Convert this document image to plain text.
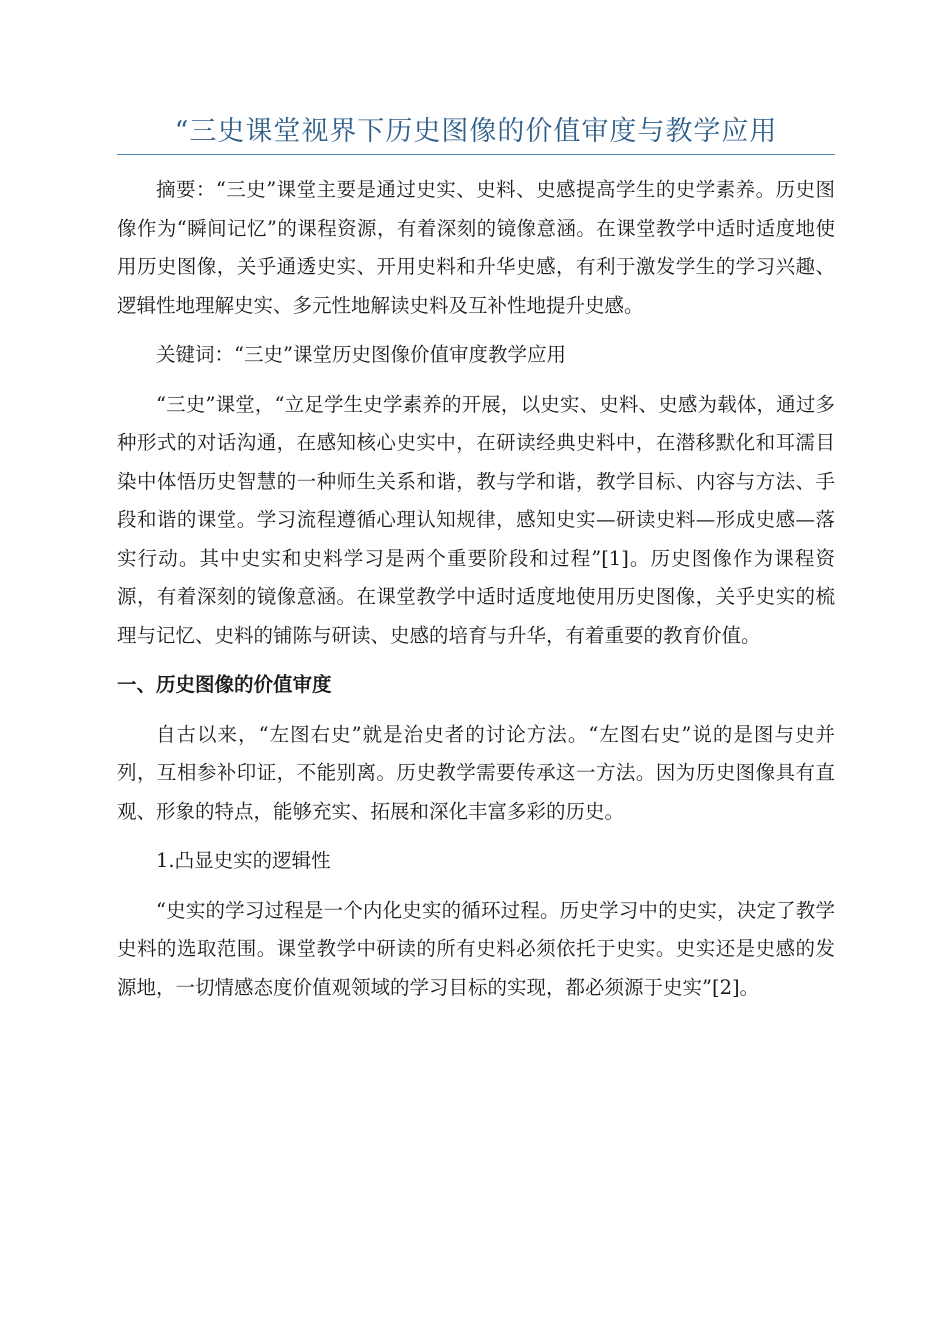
“三史课堂视界下历史图像的价值审度与教学应用

摘要：“三史”课堂主要是通过史实、史料、史感提高学生的史学素养。历史图像作为“瞬间记忆”的课程资源，有着深刻的镜像意涵。在课堂教学中适时适度地使用历史图像，关乎通透史实、开用史料和升华史感，有利于激发学生的学习兴趣、逻辑性地理解史实、多元性地解读史料及互补性地提升史感。

关键词：“三史”课堂历史图像价值审度教学应用

“三史”课堂，“立足学生史学素养的开展，以史实、史料、史感为载体，通过多种形式的对话沟通，在感知核心史实中，在研读经典史料中，在潜移默化和耳濡目染中体悟历史智慧的一种师生关系和谐，教与学和谐，教学目标、内容与方法、手段和谐的课堂。学习流程遵循心理认知规律，感知史实—研读史料—形成史感—落实行动。其中史实和史料学习是两个重要阶段和过程”[1]。历史图像作为课程资源，有着深刻的镜像意涵。在课堂教学中适时适度地使用历史图像，关乎史实的梳理与记忆、史料的铺陈与研读、史感的培育与升华，有着重要的教育价值。

一、历史图像的价值审度

自古以来，“左图右史”就是治史者的讨论方法。“左图右史”说的是图与史并列，互相参补印证，不能别离。历史教学需要传承这一方法。因为历史图像具有直观、形象的特点，能够充实、拓展和深化丰富多彩的历史。

1.凸显史实的逻辑性

“史实的学习过程是一个内化史实的循环过程。历史学习中的史实，决定了教学史料的选取范围。课堂教学中研读的所有史料必须依托于史实。史实还是史感的发源地，一切情感态度价值观领域的学习目标的实现，都必须源于史实”[2]。
